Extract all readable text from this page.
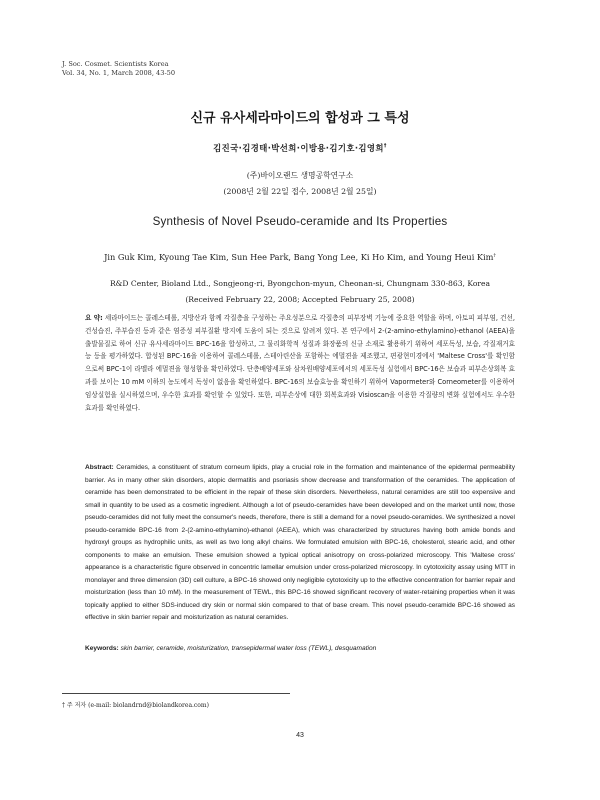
J. Soc. Cosmet. Scientists Korea
Vol. 34, No. 1, March 2008, 43-50
신규 유사세라마이드의 합성과 그 특성
김진국·김경태·박선희·이방용·김기호·김영희†
(주)바이오랜드 생명공학연구소
(2008년 2월 22일 접수, 2008년 2월 25일)
Synthesis of Novel Pseudo-ceramide and Its Properties
Jin Guk Kim, Kyoung Tae Kim, Sun Hee Park, Bang Yong Lee, Ki Ho Kim, and Young Heui Kim†
R&D Center, Bioland Ltd., Songjeong-ri, Byongchon-myun, Cheonan-si, Chungnam 330-863, Korea
(Received February 22, 2008; Accepted February 25, 2008)
요 약: 세라마이드는 콜레스테롤, 지방산과 함께 각질층을 구성하는 주요성분으로 각질층의 피부장벽 기능에 중요한 역할을 하며, 아토피 피부염, 건선, 건성습진, 주부습진 등과 같은 염증성 피부질환 방지에 도움이 되는 것으로 알려져 있다. 본 연구에서 2-(2-amino-ethylamino)-ethanol (AEEA)을 출발물질로 하여 신규 유사세라마이드 BPC-16을 합성하고, 그 물리화학적 성질과 화장품의 신규 소재로 활용하기 위하여 세포독성, 보습, 각질재거효능 등을 평가하였다. 합성된 BPC-16을 이용하여 콜레스테롤, 스테아린산을 포함하는 에멀젼을 제조했고, 편광현미경에서 'Maltese Cross'를 확인함으로써 BPC-1이 라멜라 에멀젼을 형성함을 확인하였다. 단층배양세포와 삼차원배양세포에서의 세포독성 실험에서 BPC-16은 보습과 피부손상회복 효과를 보이는 10 mM 이하의 농도에서 독성이 없음을 확인하였다. BPC-16의 보습효능을 확인하기 위하여 Vapormeter와 Corneometer를 이용하여 임상실험을 실시하였으며, 우수한 효과를 확인할 수 있었다. 또한, 피부손상에 대한 회복효과와 Visioscan을 이용한 각질량의 변화 실험에서도 우수한 효과를 확인하였다.
Abstract: Ceramides, a constituent of stratum corneum lipids, play a crucial role in the formation and maintenance of the epidermal permeability barrier. As in many other skin disorders, atopic dermatitis and psoriasis show decrease and transformation of the ceramides. The application of ceramide has been demonstrated to be efficient in the repair of these skin disorders. Nevertheless, natural ceramides are still too expensive and small in quantity to be used as a cosmetic ingredient. Although a lot of pseudo-ceramides have been developed and on the market until now, those pseudo-ceramides did not fully meet the consumer's needs, therefore, there is still a demand for a novel pseudo-ceramides. We synthesized a novel pseudo-ceramide BPC-16 from 2-(2-amino-ethylamino)-ethanol (AEEA), which was characterized by structures having both amide bonds and hydroxyl groups as hydrophilic units, as well as two long alkyl chains. We formulated emulsion with BPC-16, cholesterol, stearic acid, and other components to make an emulsion. These emulsion showed a typical optical anisotropy on cross-polarized microscopy. This 'Maltese cross' appearance is a characteristic figure observed in concentric lamellar emulsion under cross-polarized microscopy. In cytotoxicity assay using MTT in monolayer and three dimension (3D) cell culture, a BPC-16 showed only negligible cytotoxicity up to the effective concentration for barrier repair and moisturization (less than 10 mM). In the measurement of TEWL, this BPC-16 showed significant recovery of water-retaining properties when it was topically applied to either SDS-induced dry skin or normal skin compared to that of base cream. This novel pseudo-ceramide BPC-16 showed as effective in skin barrier repair and moisturization as natural ceramides.
Keywords: skin barrier, ceramide, moisturization, transepidermal water loss (TEWL), desquamation
† 주 저자 (e-mail: biolandrnd@biolandkorea.com)
43
